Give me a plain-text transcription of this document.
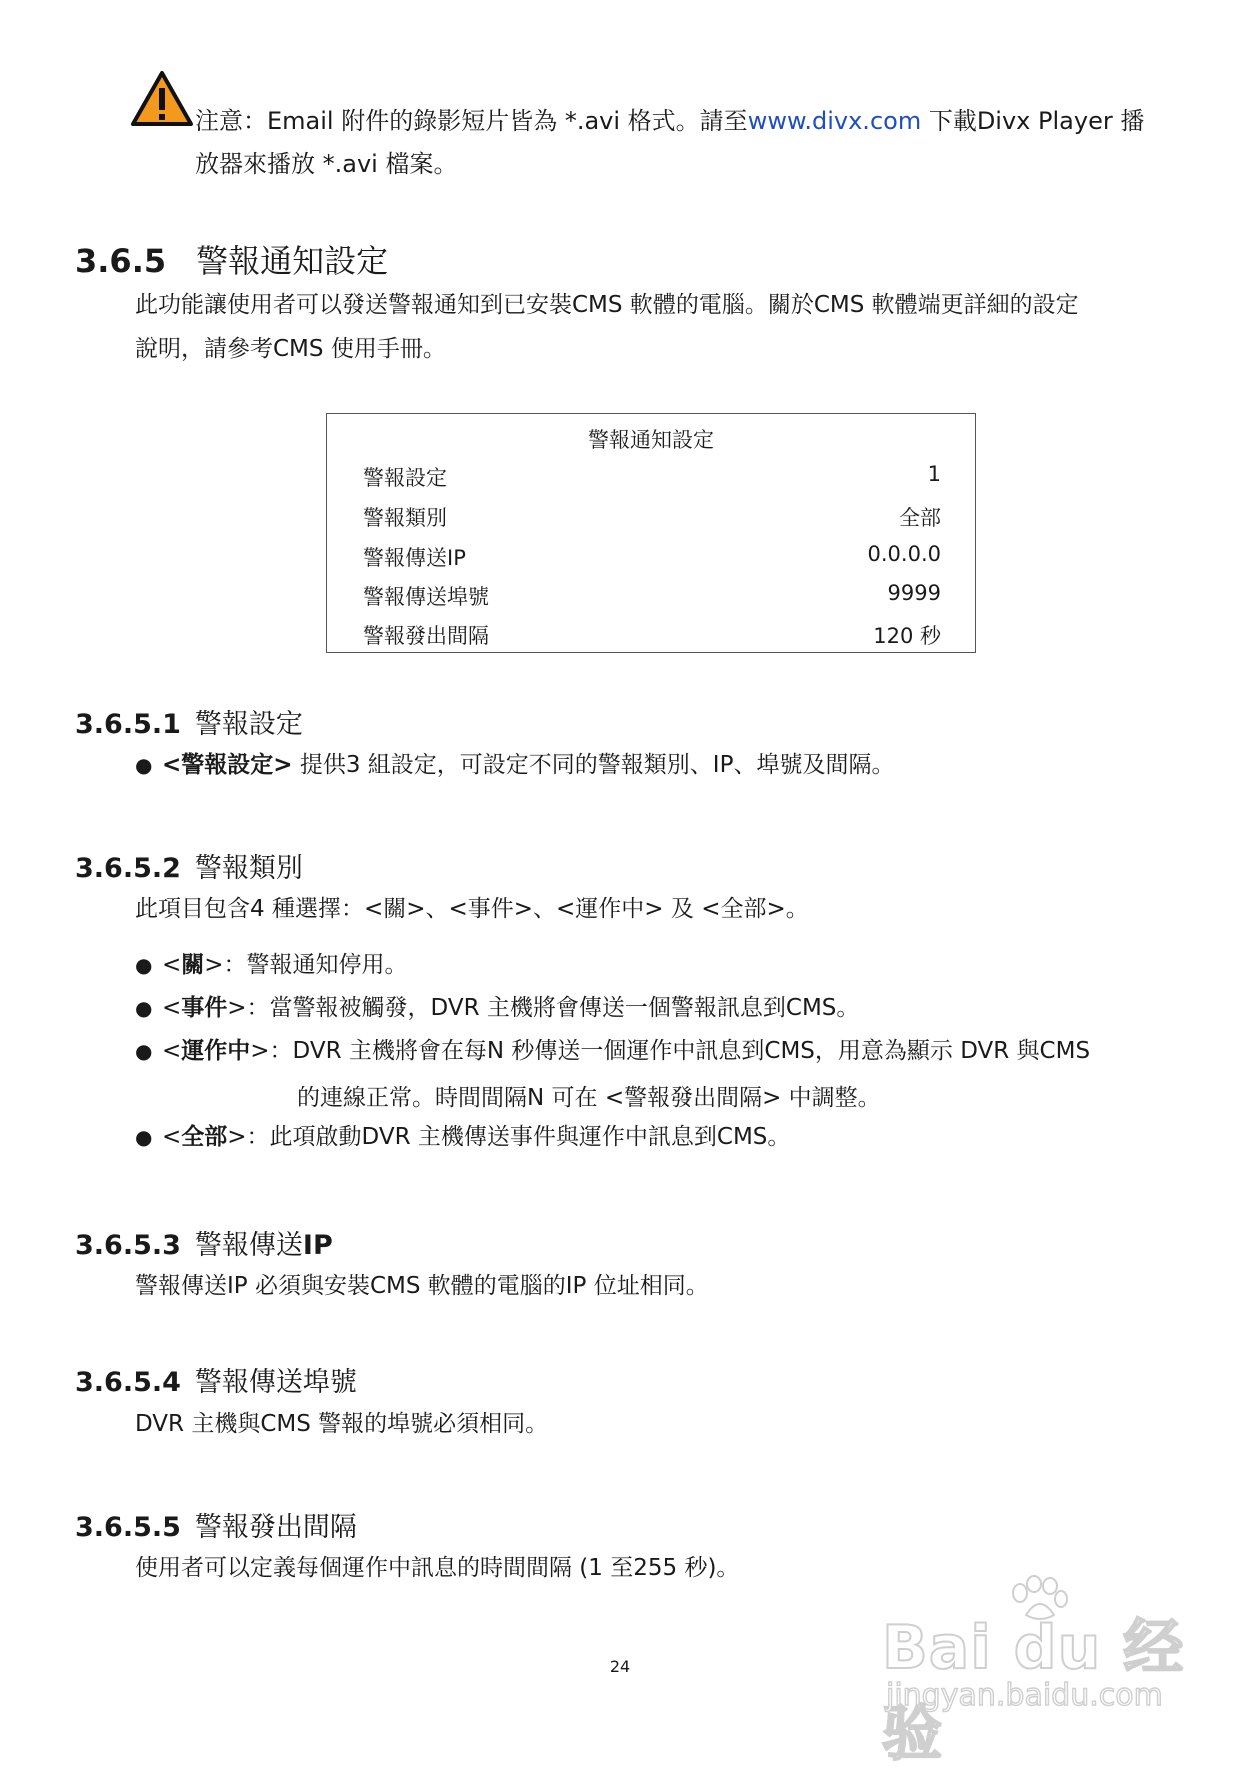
注意：Email 附件的錄影短片皆為 *.avi 格式。請至www.divx.com 下載Divx Player 播
放器來播放 *.avi 檔案。
3.6.5 警報通知設定
此功能讓使用者可以發送警報通知到已安裝CMS 軟體的電腦。關於CMS 軟體端更詳細的設定
說明，請參考CMS 使用手冊。
警報通知設定
警報設定	1
警報類別	全部
警報傳送IP	0.0.0.0
警報傳送埠號	9999
警報發出間隔	120 秒
3.6.5.1 警報設定
● <警報設定> 提供3 組設定，可設定不同的警報類別、IP、埠號及間隔。
3.6.5.2 警報類別
此項目包含4 種選擇：<關>、<事件>、<運作中> 及 <全部>。
● <關>：警報通知停用。
● <事件>：當警報被觸發，DVR 主機將會傳送一個警報訊息到CMS。
● <運作中>：DVR 主機將會在每N 秒傳送一個運作中訊息到CMS，用意為顯示 DVR 與CMS
的連線正常。時間間隔N 可在 <警報發出間隔> 中調整。
● <全部>：此項啟動DVR 主機傳送事件與運作中訊息到CMS。
3.6.5.3 警報傳送IP
警報傳送IP 必須與安裝CMS 軟體的電腦的IP 位址相同。
3.6.5.4 警報傳送埠號
DVR 主機與CMS 警報的埠號必須相同。
3.6.5.5 警報發出間隔
使用者可以定義每個運作中訊息的時間間隔 (1 至255 秒)。
24	Bai du 经验
jingyan.baidu.com
